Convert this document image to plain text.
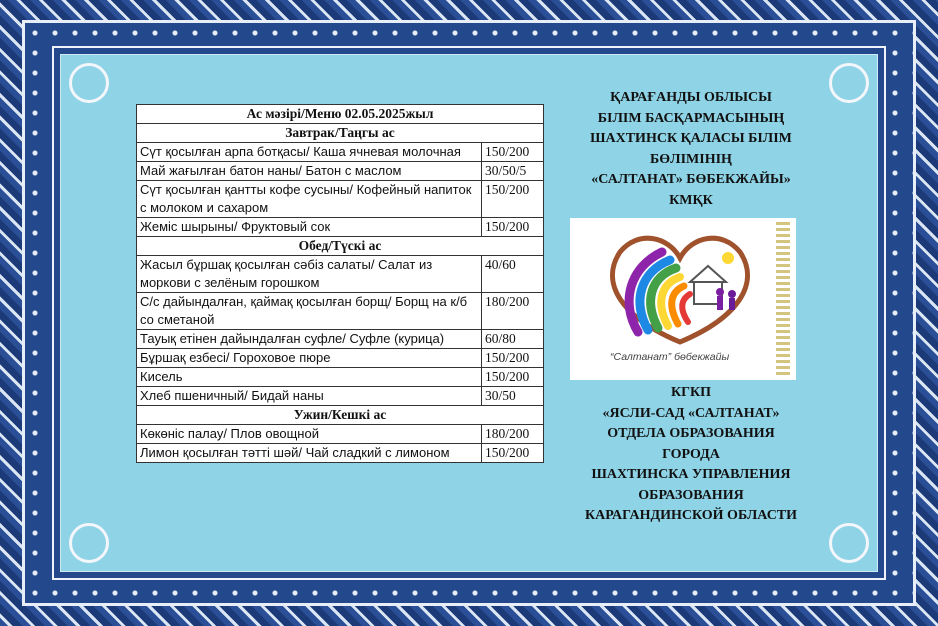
Ас мәзірі/Меню 02.05.2025жыл	
Завтрак/Таңгы ас	
Сүт қосылған арпа ботқасы/ Каша ячневая молочная	150/200
Май жағылған батон наны/ Батон с маслом	30/50/5
Сүт қосылған қантты кофе сусыны/ Кофейный напиток с молоком и сахаром	150/200
Жеміс шырыны/ Фруктовый сок	150/200
Обед/Түскі ас	
Жасыл бұршақ қосылған сәбіз салаты/ Салат из моркови с зелёным горошком	40/60
С/с дайындалған, қаймақ қосылған борщ/ Борщ на к/б со сметаной	180/200
Тауық етінен дайындалған суфле/ Суфле (курица)	60/80
Бұршақ езбесі/ Гороховое пюре	150/200
Кисель	150/200
Хлеб пшеничный/ Бидай наны	30/50
Ужин/Кешкі ас	
Көкөніс палау/ Плов овощной	180/200
Лимон қосылған тәтті шәй/ Чай сладкий с лимоном	150/200
ҚАРАҒАНДЫ ОБЛЫСЫ
БІЛІМ БАСҚАРМАСЫНЫҢ
ШАХТИНСК ҚАЛАСЫ БІЛІМ
БӨЛІМІНІҢ
«САЛТАНАТ» БӨБЕКЖАЙЫ»
КМҚК
“Салтанат” бөбекжайы
КГКП
«ЯСЛИ-САД «САЛТАНАТ»
ОТДЕЛА ОБРАЗОВАНИЯ
ГОРОДА
ШАХТИНСКА УПРАВЛЕНИЯ
ОБРАЗОВАНИЯ
КАРАГАНДИНСКОЙ ОБЛАСТИ
